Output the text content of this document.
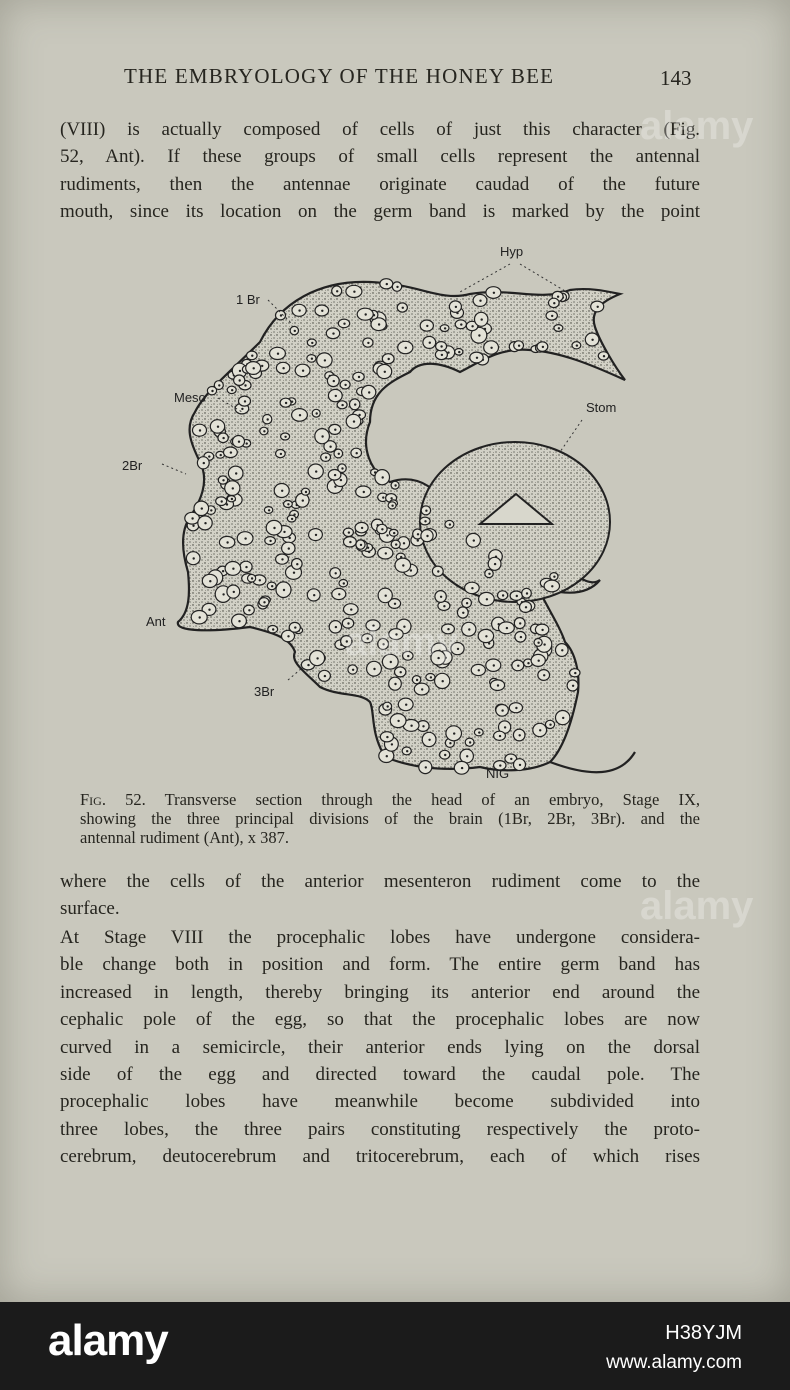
THE EMBRYOLOGY OF THE HONEY BEE	143

(VIII) is actually composed of cells of just this character (Fig.
52, Ant). If these groups of small cells represent the antennal
rudiments, then the antennae originate caudad of the future
mouth, since its location on the germ band is marked by the point

Hyp
1 Br
Meso
2Br
Stom
Ant
3Br
NIG
Fig. 52. Transverse section through the head of an embryo, Stage IX,
showing the three principal divisions of the brain (1Br, 2Br, 3Br). and the
antennal rudiment (Ant), x 387.

where the cells of the anterior mesenteron rudiment come to the
surface.

At Stage VIII the procephalic lobes have undergone considera-
ble change both in position and form. The entire germ band has
increased in length, thereby bringing its anterior end around the
cephalic pole of the egg, so that the procephalic lobes are now
curved in a semicircle, their anterior ends lying on the dorsal
side of the egg and directed toward the caudal pole. The
procephalic lobes have meanwhile become subdivided into
three lobes, the three pairs constituting respectively the proto-
cerebrum, deutocerebrum and tritocerebrum, each of which rises

alamy
alamy
alamy
alamy	H38YJM
www.alamy.com
